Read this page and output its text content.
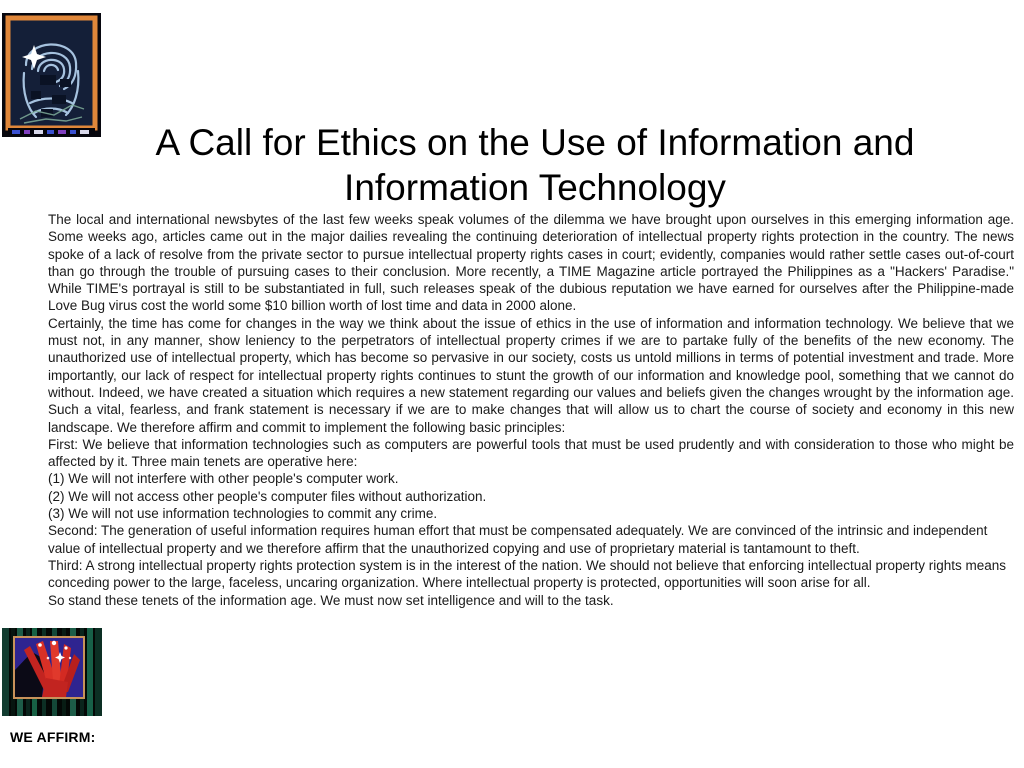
A Call for Ethics on the Use of Information and
Information Technology
The local and international newsbytes of the last few weeks speak volumes of the dilemma we have brought upon ourselves in this emerging information age. Some weeks ago, articles came out in the major dailies revealing the continuing deterioration of intellectual property rights protection in the country. The news spoke of a lack of resolve from the private sector to pursue intellectual property rights cases in court; evidently, companies would rather settle cases out-of-court than go through the trouble of pursuing cases to their conclusion. More recently, a TIME Magazine article portrayed the Philippines as a "Hackers' Paradise." While TIME's portrayal is still to be substantiated in full, such releases speak of the dubious reputation we have earned for ourselves after the Philippine-made Love Bug virus cost the world some $10 billion worth of lost time and data in 2000 alone.
Certainly, the time has come for changes in the way we think about the issue of ethics in the use of information and information technology. We believe that we must not, in any manner, show leniency to the perpetrators of intellectual property crimes if we are to partake fully of the benefits of the new economy. The unauthorized use of intellectual property, which has become so pervasive in our society, costs us untold millions in terms of potential investment and trade. More importantly, our lack of respect for intellectual property rights continues to stunt the growth of our information and knowledge pool, something that we cannot do without. Indeed, we have created a situation which requires a new statement regarding our values and beliefs given the changes wrought by the information age. Such a vital, fearless, and frank statement is necessary if we are to make changes that will allow us to chart the course of society and economy in this new landscape. We therefore affirm and commit to implement the following basic principles:
First: We believe that information technologies such as computers are powerful tools that must be used prudently and with consideration to those who might be affected by it. Three main tenets are operative here:
(1) We will not interfere with other people's computer work.
(2) We will not access other people's computer files without authorization.
(3) We will not use information technologies to commit any crime.
Second: The generation of useful information requires human effort that must be compensated adequately. We are convinced of the intrinsic and independent value of intellectual property and we therefore affirm that the unauthorized copying and use of proprietary material is tantamount to theft.
Third: A strong intellectual property rights protection system is in the interest of the nation. We should not believe that enforcing intellectual property rights means conceding power to the large, faceless, uncaring organization. Where intellectual property is protected, opportunities will soon arise for all.
So stand these tenets of the information age. We must now set intelligence and will to the task.
WE AFFIRM:
